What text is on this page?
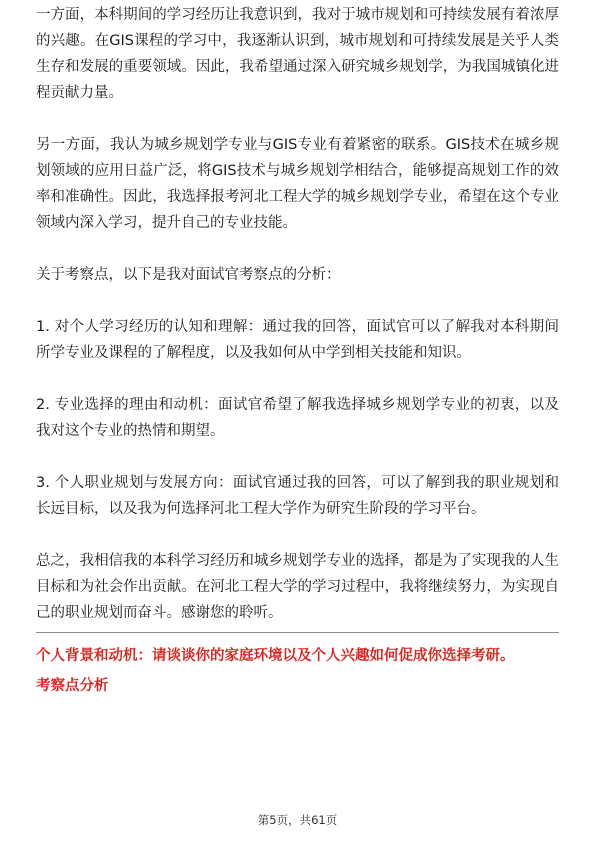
一方面，本科期间的学习经历让我意识到，我对于城市规划和可持续发展有着浓厚的兴趣。在GIS课程的学习中，我逐渐认识到，城市规划和可持续发展是关乎人类生存和发展的重要领域。因此，我希望通过深入研究城乡规划学，为我国城镇化进程贡献力量。

另一方面，我认为城乡规划学专业与GIS专业有着紧密的联系。GIS技术在城乡规划领域的应用日益广泛，将GIS技术与城乡规划学相结合，能够提高规划工作的效率和准确性。因此，我选择报考河北工程大学的城乡规划学专业，希望在这个专业领域内深入学习，提升自己的专业技能。

关于考察点，以下是我对面试官考察点的分析：

1. 对个人学习经历的认知和理解：通过我的回答，面试官可以了解我对本科期间所学专业及课程的了解程度，以及我如何从中学到相关技能和知识。

2. 专业选择的理由和动机：面试官希望了解我选择城乡规划学专业的初衷，以及我对这个专业的热情和期望。

3. 个人职业规划与发展方向：面试官通过我的回答，可以了解到我的职业规划和长远目标，以及我为何选择河北工程大学作为研究生阶段的学习平台。

总之，我相信我的本科学习经历和城乡规划学专业的选择，都是为了实现我的人生目标和为社会作出贡献。在河北工程大学的学习过程中，我将继续努力，为实现自己的职业规划而奋斗。感谢您的聆听。

个人背景和动机：请谈谈你的家庭环境以及个人兴趣如何促成你选择考研。

考察点分析

第5页，共61页
